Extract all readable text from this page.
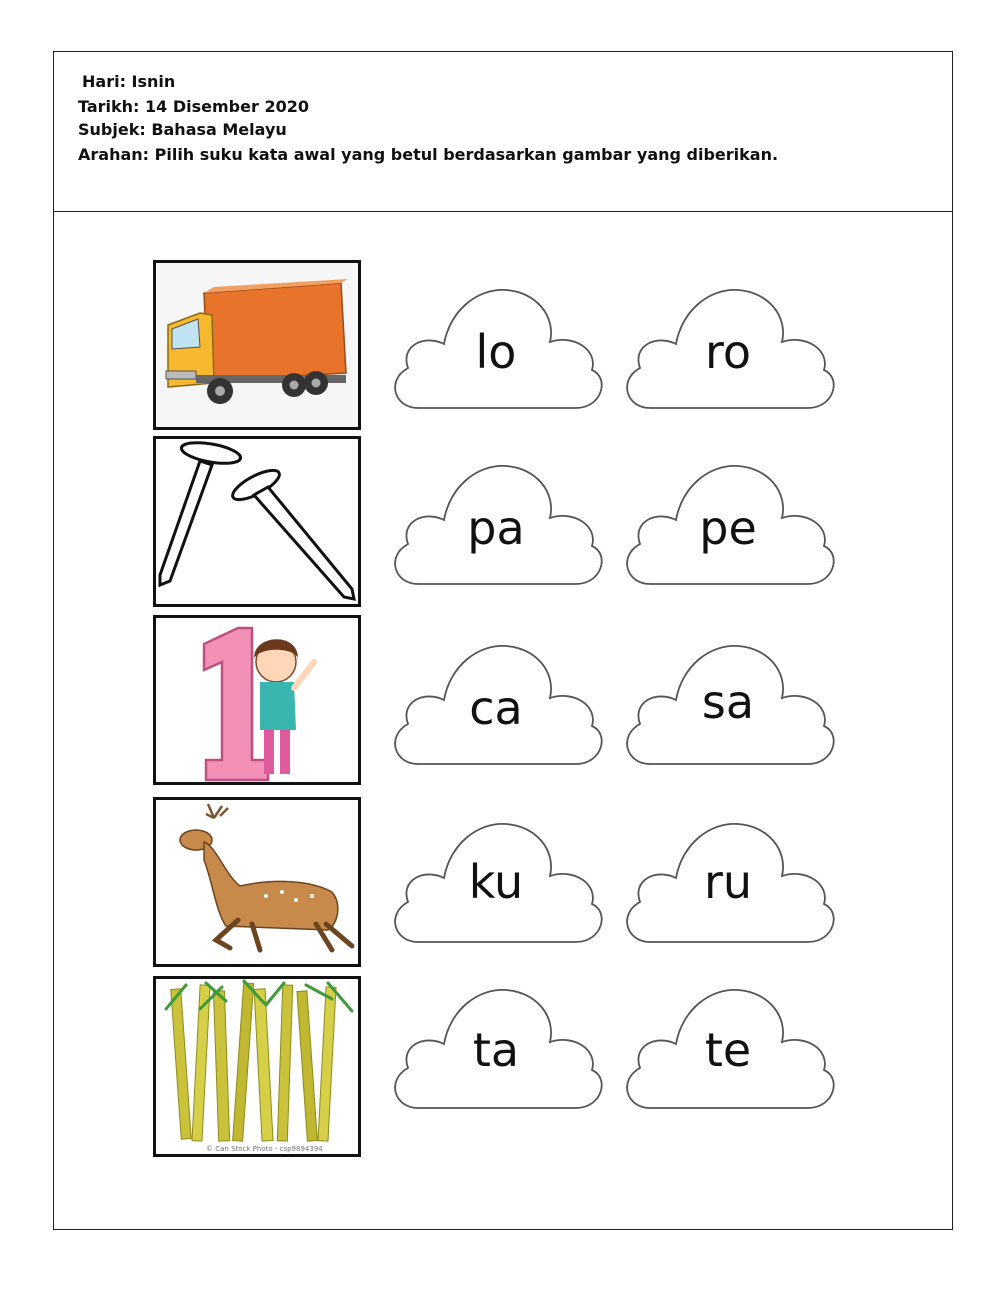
Hari: Isnin
Tarikh: 14 Disember 2020
Subjek: Bahasa Melayu
Arahan: Pilih suku kata awal yang betul berdasarkan gambar yang diberikan.
lo	ro
pa	pe
ca	sa
ku	ru
© Can Stock Photo - csp9894394
ta	te
